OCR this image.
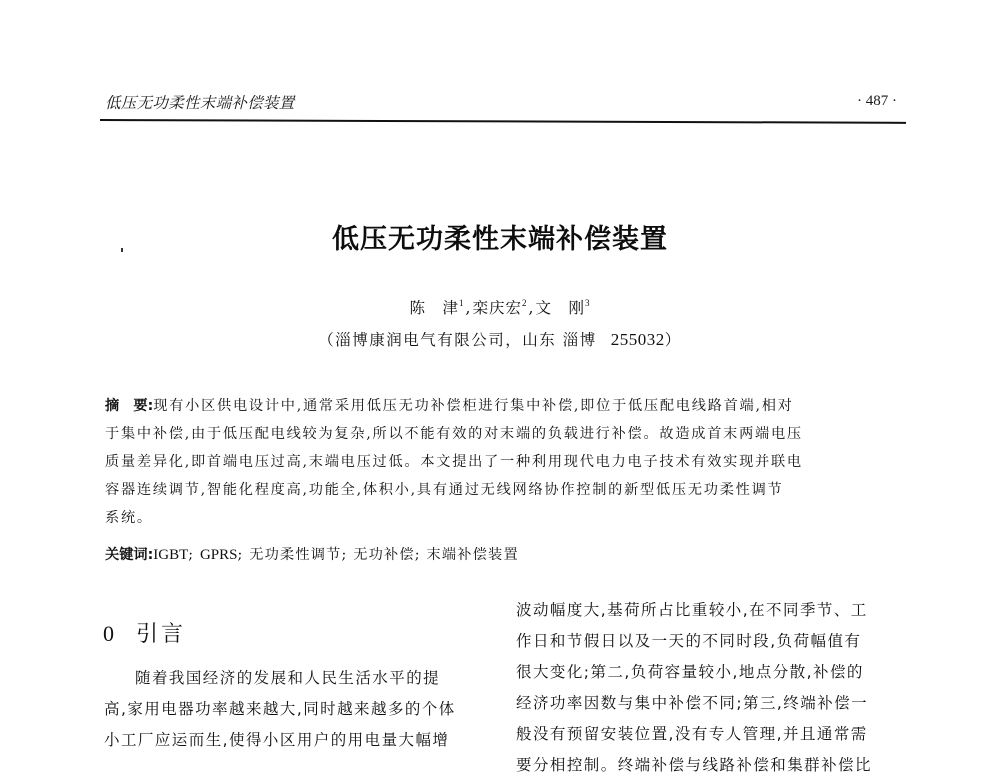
低压无功柔性末端补偿装置	· 487 ·
低压无功柔性末端补偿装置
陈　津$^1$,栾庆宏$^2$,文　刚$^3$
（淄博康润电气有限公司，山东 淄博 255032）
摘　要:现有小区供电设计中,通常采用低压无功补偿柜进行集中补偿,即位于低压配电线路首端,相对
于集中补偿,由于低压配电线较为复杂,所以不能有效的对末端的负载进行补偿。故造成首末两端电压
质量差异化,即首端电压过高,末端电压过低。本文提出了一种利用现代电力电子技术有效实现并联电
容器连续调节,智能化程度高,功能全,体积小,具有通过无线网络协作控制的新型低压无功柔性调节
系统。
关键词:IGBT; GPRS; 无功柔性调节; 无功补偿; 末端补偿装置
0 引言

随着我国经济的发展和人民生活水平的提

高,家用电器功率越来越大,同时越来越多的个体
小工厂应运而生,使得小区用户的用电量大幅增
波动幅度大,基荷所占比重较小,在不同季节、工
作日和节假日以及一天的不同时段,负荷幅值有
很大变化;第二,负荷容量较小,地点分散,补偿的
经济功率因数与集中补偿不同;第三,终端补偿一
般没有预留安装位置,没有专人管理,并且通常需
要分相控制。终端补偿与线路补偿和集群补偿比
